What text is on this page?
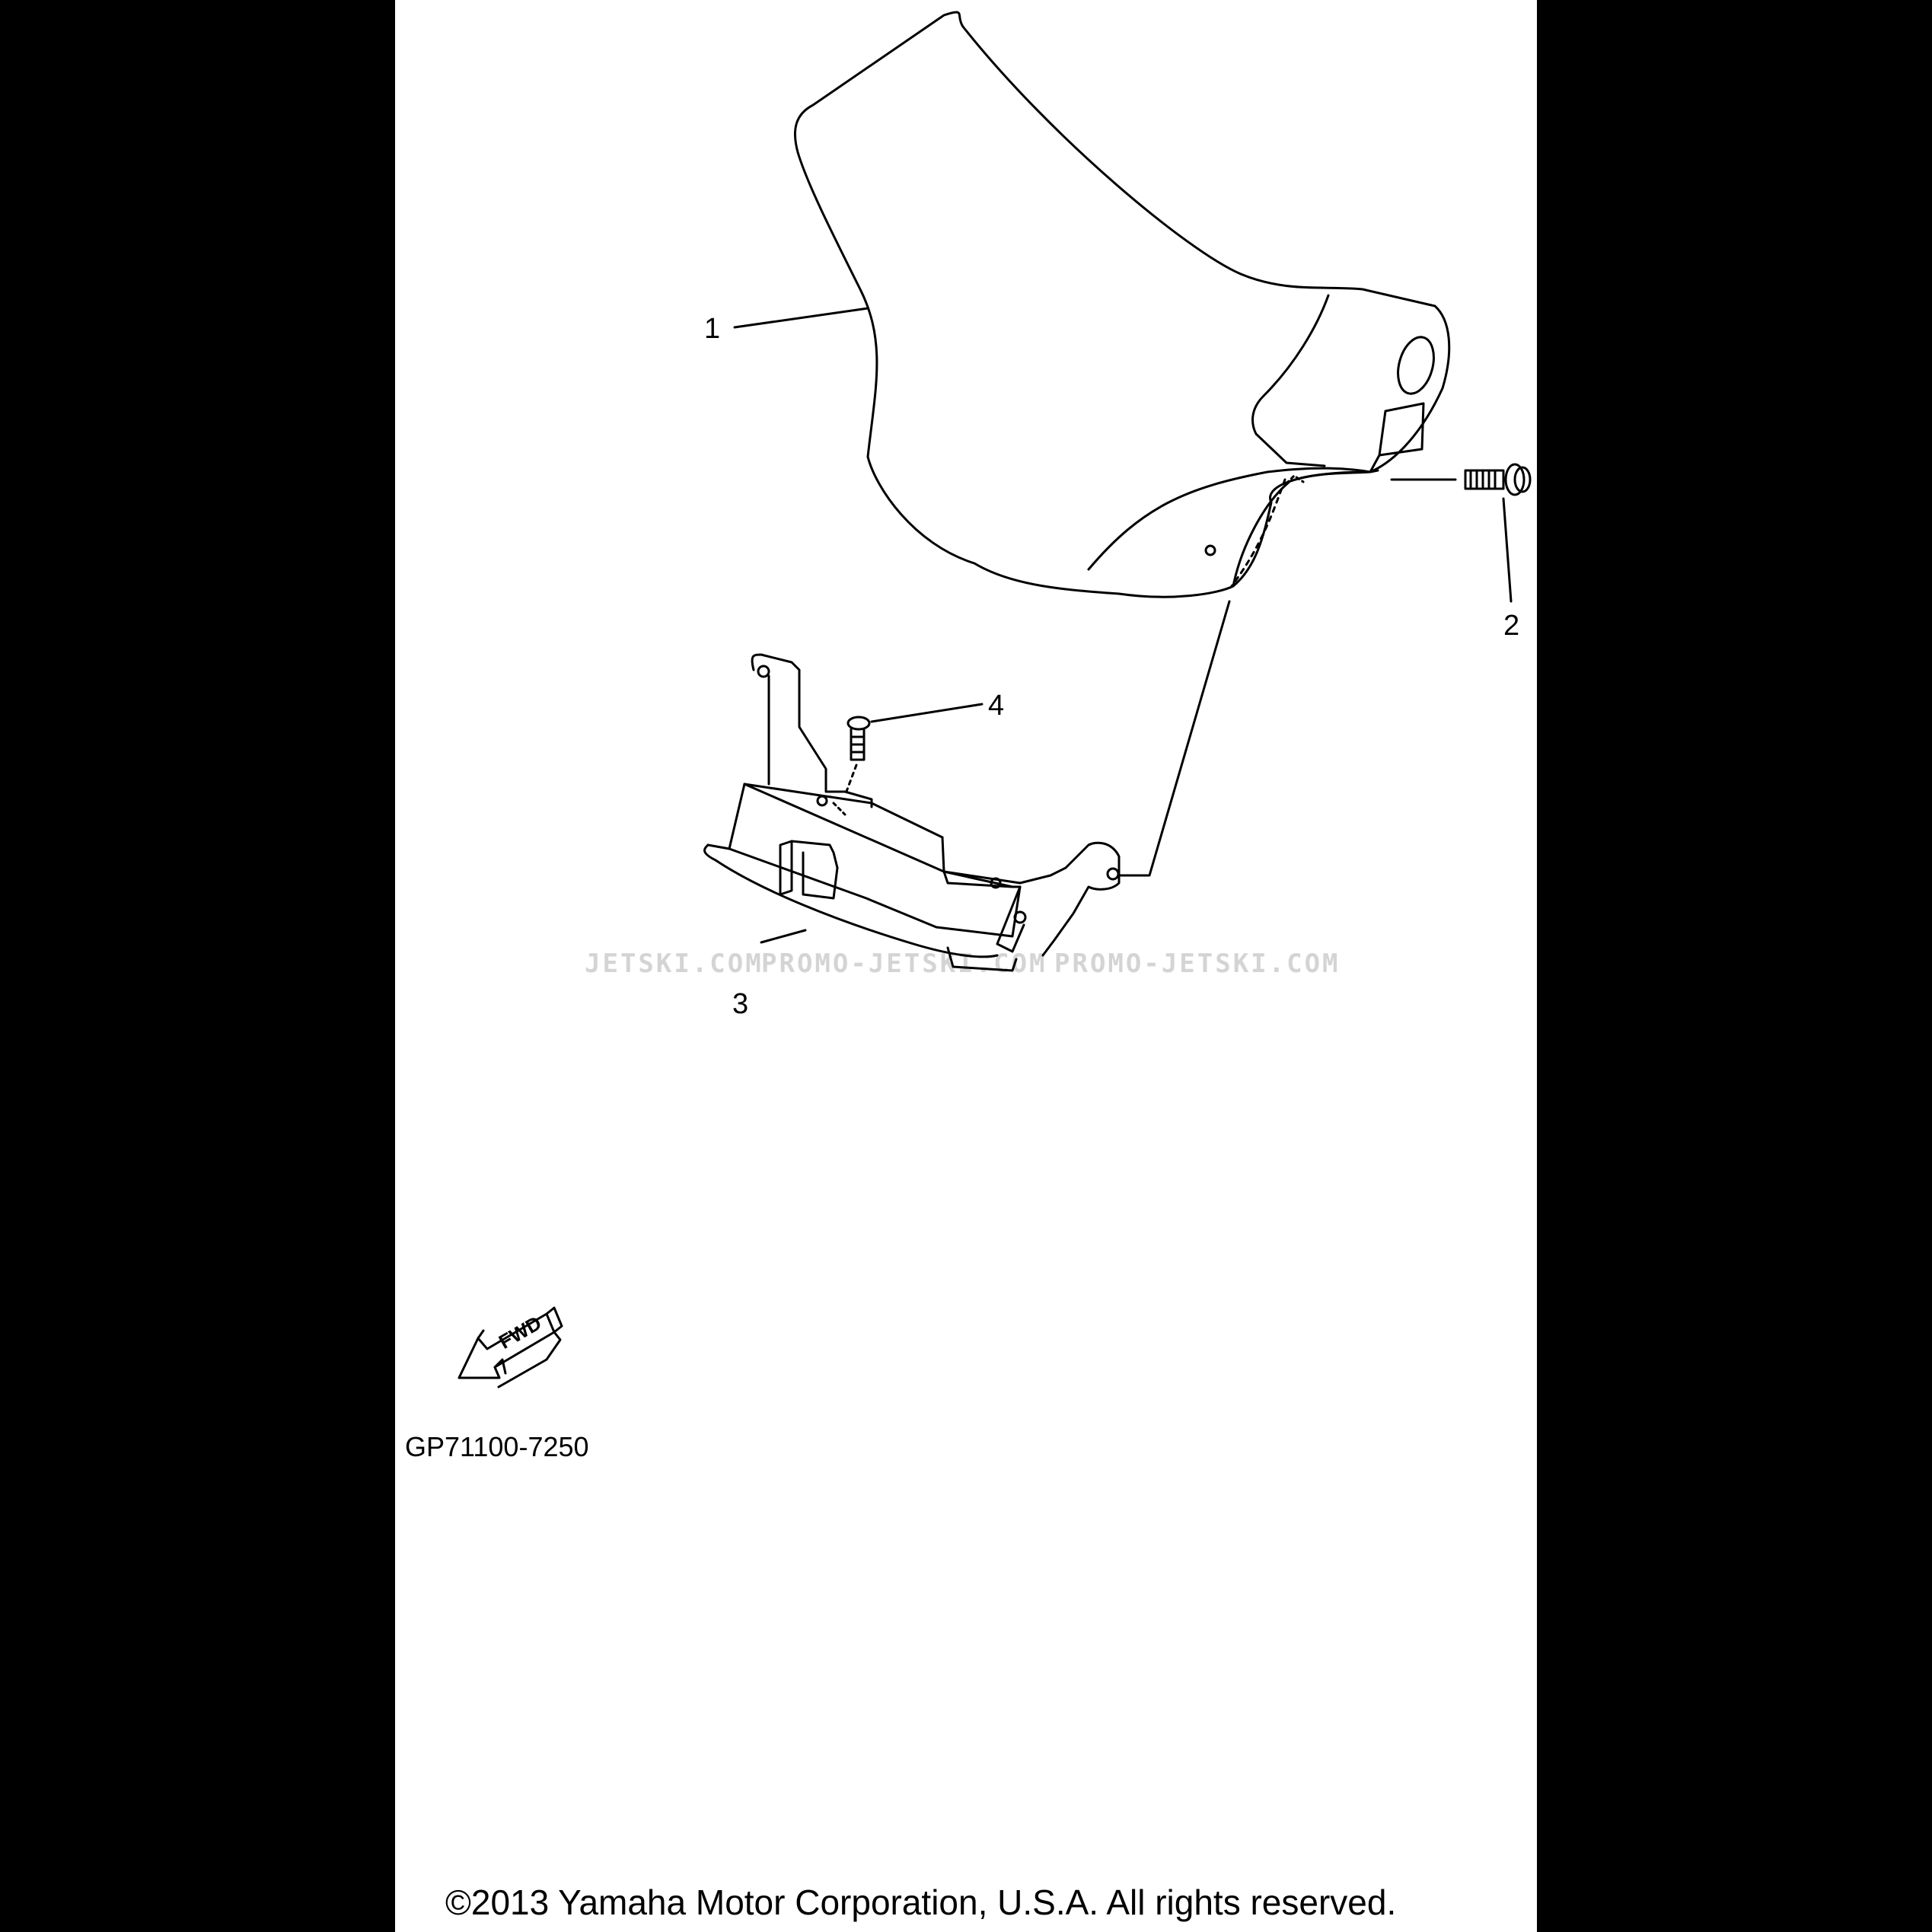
JETSKI.COM
PROMO-JETSKI.COM PROMO-JETSKI.COM
1
2
3
4
FWD
GP71100-7250
©2013 Yamaha Motor Corporation, U.S.A. All rights reserved.
